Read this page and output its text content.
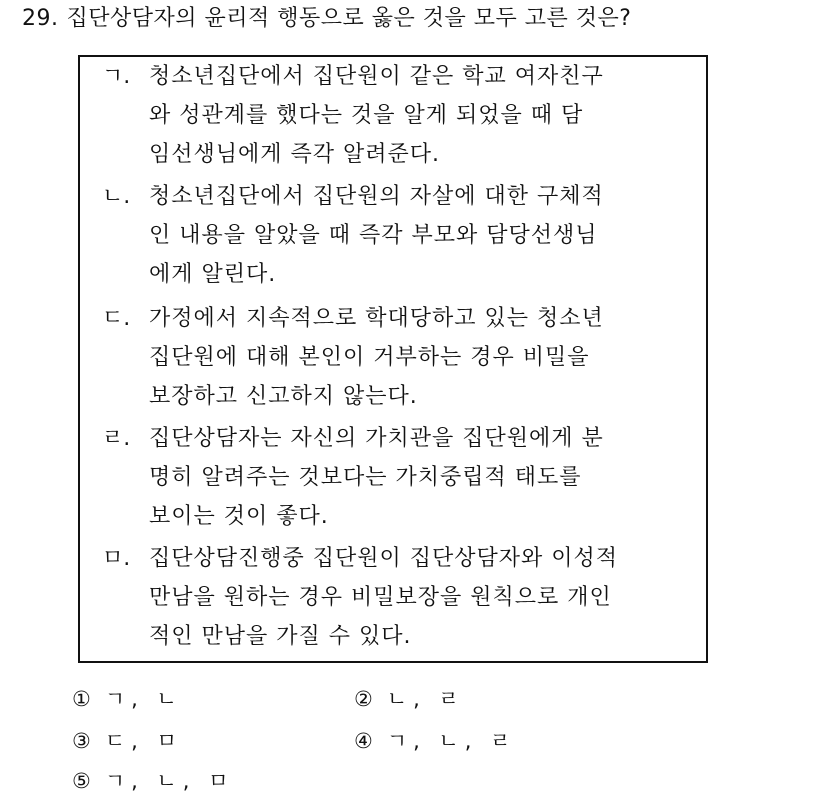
29. 집단상담자의 윤리적 행동으로 옳은 것을 모두 고른 것은?
ㄱ. 청소년집단에서 집단원이 같은 학교 여자친구
와 성관계를 했다는 것을 알게 되었을 때 담
임선생님에게 즉각 알려준다.
ㄴ. 청소년집단에서 집단원의 자살에 대한 구체적
인 내용을 알았을 때 즉각 부모와 담당선생님
에게 알린다.
ㄷ. 가정에서 지속적으로 학대당하고 있는 청소년
집단원에 대해 본인이 거부하는 경우 비밀을
보장하고 신고하지 않는다.
ㄹ. 집단상담자는 자신의 가치관을 집단원에게 분
명히 알려주는 것보다는 가치중립적 태도를
보이는 것이 좋다.
ㅁ. 집단상담진행중 집단원이 집단상담자와 이성적
만남을 원하는 경우 비밀보장을 원칙으로 개인
적인 만남을 가질 수 있다.
① ㄱ, ㄴ	② ㄴ, ㄹ
③ ㄷ, ㅁ	④ ㄱ, ㄴ, ㄹ
⑤ ㄱ, ㄴ, ㅁ
